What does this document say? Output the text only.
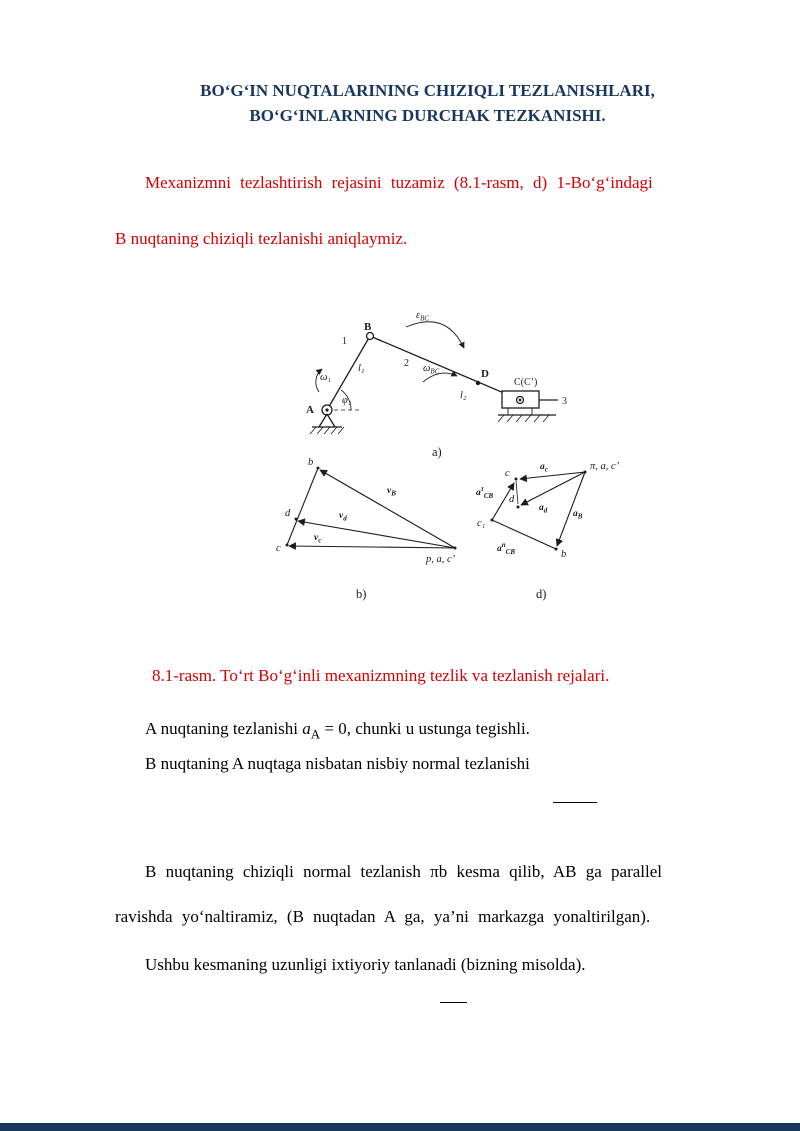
BO‘G‘IN NUQTALARINING CHIZIQLI TEZLANISHLARI,
BO‘G‘INLARNING DURCHAK TEZKANISHI.

Mexanizmni tezlashtirish rejasini tuzamiz (8.1-rasm, d) 1-Bo‘g‘indagi

B nuqtaning chiziqli tezlanishi aniqlaymiz.

B
A
D
C(C’)
1
2
3
ω₁
l₁
φ₁	l₂
$\omega_{BC}$
$\varepsilon_{BC}$
a)
b
d
c
p, a, c’
$v_B$
$v_d$
$v_c$
b)
c
π, a, c’
d
c₁
b
$a_c$
$a_B$
$a_d$
$a^\tau_{CB}$
$a^n_{CB}$
d)

8.1-rasm. To‘rt Bo‘g‘inli mexanizmning tezlik va tezlanish rejalari.

A nuqtaning tezlanishi $a_A = 0$, chunki u ustunga tegishli.

B nuqtaning A nuqtaga nisbatan nisbiy normal tezlanishi

B nuqtaning chiziqli normal tezlanish πb kesma qilib, AB ga parallel

ravishda yo‘naltiramiz, (B nuqtadan A ga, ya’ni markazga yonaltirilgan).

Ushbu kesmaning uzunligi ixtiyoriy tanlanadi (bizning misolda).
